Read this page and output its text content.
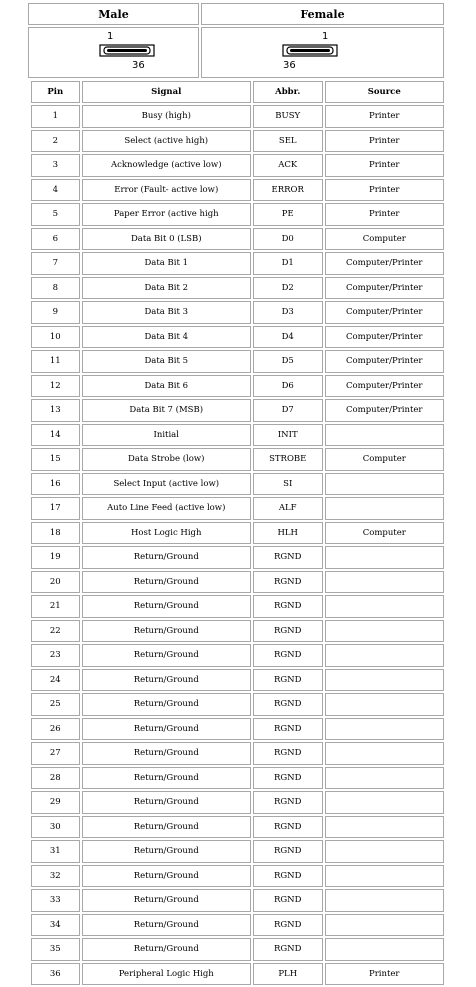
Male	Female

1
36	1
36
Pin	Signal	Abbr.	Source
1	Busy (high)	BUSY	Printer
2	Select (active high)	SEL	Printer
3	Acknowledge (active low)	ACK	Printer
4	Error (Fault- active low)	ERROR	Printer
5	Paper Error (active high	PE	Printer
6	Data Bit 0 (LSB)	D0	Computer
7	Data Bit 1	D1	Computer/Printer
8	Data Bit 2	D2	Computer/Printer
9	Data Bit 3	D3	Computer/Printer
10	Data Bit 4	D4	Computer/Printer
11	Data Bit 5	D5	Computer/Printer
12	Data Bit 6	D6	Computer/Printer
13	Data Bit 7 (MSB)	D7	Computer/Printer
14	Initial	INIT	
15	Data Strobe (low)	STROBE	Computer
16	Select Input (active low)	SI	
17	Auto Line Feed (active low)	ALF	
18	Host Logic High	HLH	Computer
19	Return/Ground	RGND	
20	Return/Ground	RGND	
21	Return/Ground	RGND	
22	Return/Ground	RGND	
23	Return/Ground	RGND	
24	Return/Ground	RGND	
25	Return/Ground	RGND	
26	Return/Ground	RGND	
27	Return/Ground	RGND	
28	Return/Ground	RGND	
29	Return/Ground	RGND	
30	Return/Ground	RGND	
31	Return/Ground	RGND	
32	Return/Ground	RGND	
33	Return/Ground	RGND	
34	Return/Ground	RGND	
35	Return/Ground	RGND	
36	Peripheral Logic High	PLH	Printer
